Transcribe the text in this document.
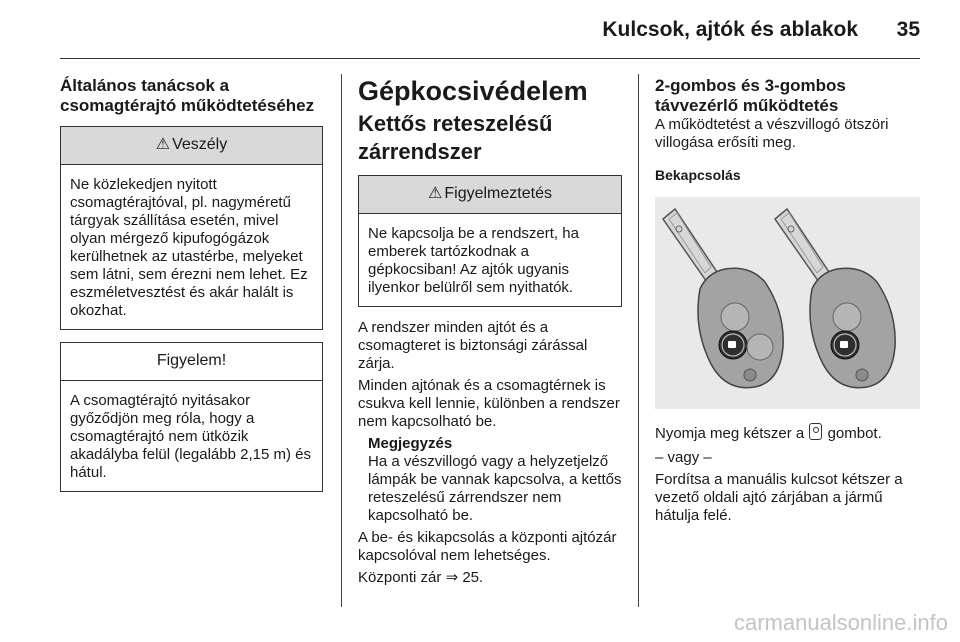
Kulcsok, ajtók és ablakok 35
Általános tanácsok a csomagtérajtó működtetéséhez
⚠ Veszély
Ne közlekedjen nyitott csomagtérajtóval, pl. nagyméretű tárgyak szállítása esetén, mivel olyan mérgező kipufogógázok kerülhetnek az utastérbe, melyeket sem látni, sem érezni nem lehet. Ez eszméletvesztést és akár halált is okozhat.
Figyelem!
A csomagtérajtó nyitásakor győződjön meg róla, hogy a csomagtérajtó nem ütközik akadályba felül (legalább 2,15 m) és hátul.
Gépkocsivédelem
Kettős reteszelésű zárrendszer
⚠ Figyelmeztetés
Ne kapcsolja be a rendszert, ha emberek tartózkodnak a gépkocsiban! Az ajtók ugyanis ilyenkor belülről sem nyithatók.

A rendszer minden ajtót és a csomagteret is biztonsági zárással zárja.

Minden ajtónak és a csomagtérnek is csukva kell lennie, különben a rendszer nem kapcsolható be.

Megjegyzés

Ha a vészvillogó vagy a helyzetjelző lámpák be vannak kapcsolva, a kettős reteszelésű zárrendszer nem kapcsolható be.

A be- és kikapcsolás a központi ajtózár kapcsolóval nem lehetséges.

Központi zár ⇒ 25.

2-gombos és 3-gombos távvezérlő működtetés

A működtetést a vészvillogó ötszöri villogása erősíti meg.

Bekapcsolás

Nyomja meg kétszer a gombot.

– vagy –

Fordítsa a manuális kulcsot kétszer a vezető oldali ajtó zárjában a jármű hátulja felé.

carmanualsonline.info
